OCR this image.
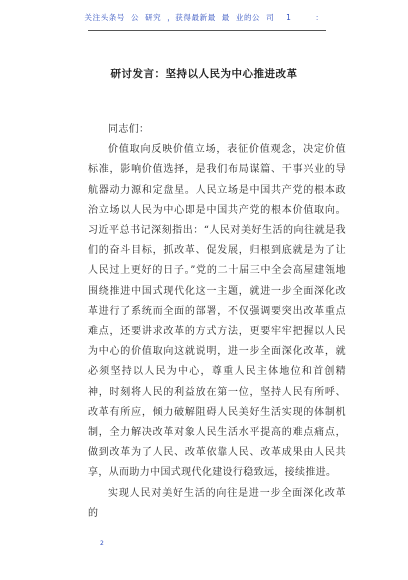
关注头条号  公  研究  ，获得最新最  最  业的公  司    1        ：
研讨发言：坚持以人民为中心推进改革

同志们：

价值取向反映价值立场，表征价值观念，决定价值标准，影响价值选择，是我们布局谋篇、干事兴业的导航器动力源和定盘星。人民立场是中国共产党的根本政治立场以人民为中心即是中国共产党的根本价值取向。习近平总书记深刻指出：“人民对美好生活的向往就是我们的奋斗目标，抓改革、促发展，归根到底就是为了让人民过上更好的日子。”党的二十届三中全会高屋建瓴地围绕推进中国式现代化这一主题，就进一步全面深化改革进行了系统而全面的部署，不仅强调要突出改革重点难点，还要讲求改革的方式方法，更要牢牢把握以人民为中心的价值取向这就说明，进一步全面深化改革，就必须坚持以人民为中心，尊重人民主体地位和首创精神，时刻将人民的利益放在第一位，坚持人民有所呼、改革有所应，倾力破解阻碍人民美好生活实现的体制机制，全力解决改革对象人民生活水平提高的难点痛点，做到改革为了人民、改革依靠人民、改革成果由人民共享，从而助力中国式现代化建设行稳致远，接续推进。

实现人民对美好生活的向往是进一步全面深化改革的

2
